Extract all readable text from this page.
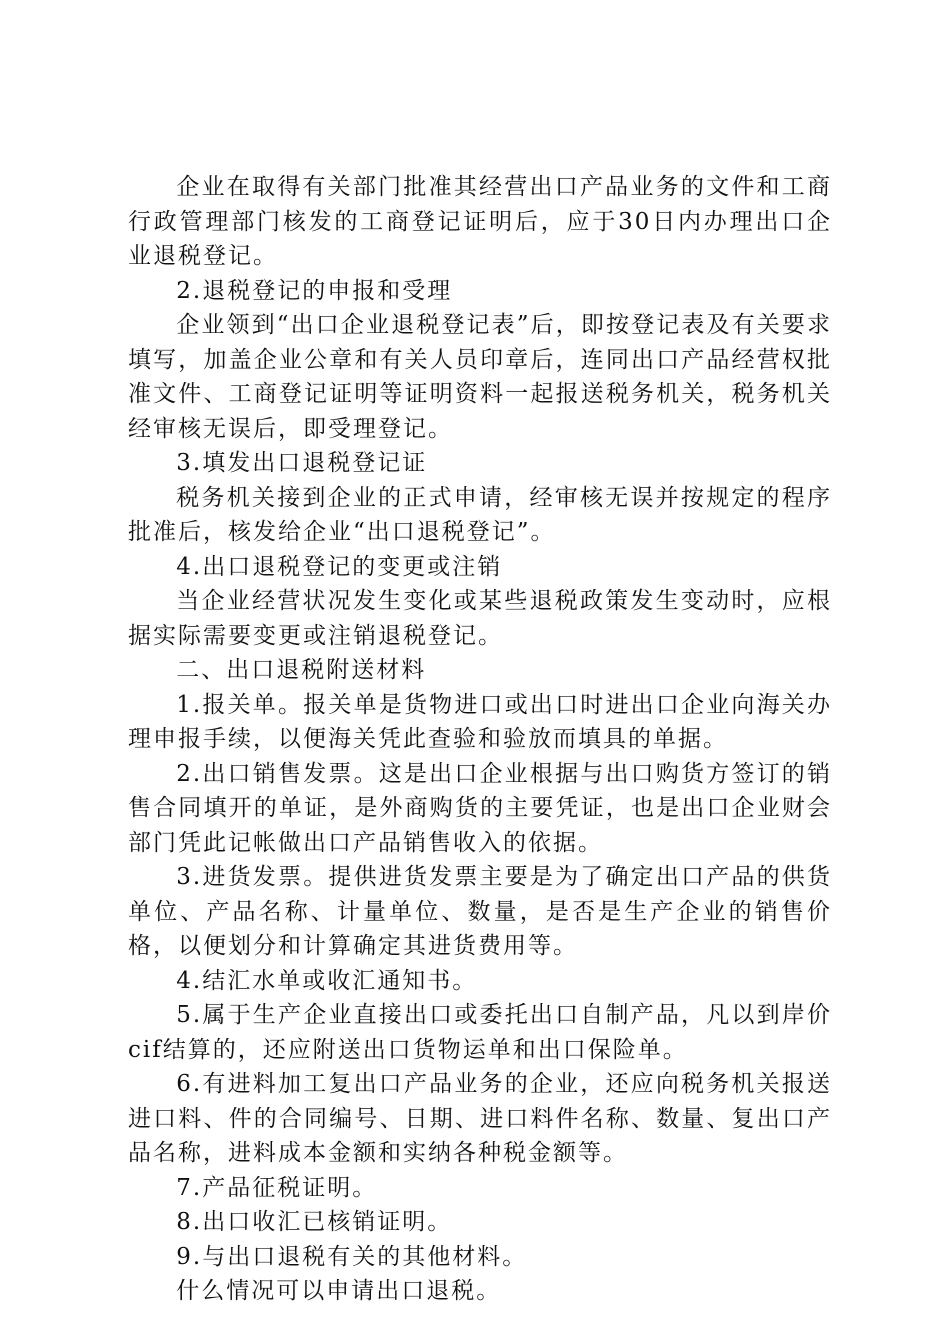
企业在取得有关部门批准其经营出口产品业务的文件和工商行政管理部门核发的工商登记证明后，应于30日内办理出口企业退税登记。

2.退税登记的申报和受理

企业领到“出口企业退税登记表”后，即按登记表及有关要求填写，加盖企业公章和有关人员印章后，连同出口产品经营权批准文件、工商登记证明等证明资料一起报送税务机关，税务机关经审核无误后，即受理登记。

3.填发出口退税登记证

税务机关接到企业的正式申请，经审核无误并按规定的程序批准后，核发给企业“出口退税登记”。

4.出口退税登记的变更或注销

当企业经营状况发生变化或某些退税政策发生变动时，应根据实际需要变更或注销退税登记。

二、出口退税附送材料

1.报关单。报关单是货物进口或出口时进出口企业向海关办理申报手续，以便海关凭此查验和验放而填具的单据。

2.出口销售发票。这是出口企业根据与出口购货方签订的销售合同填开的单证，是外商购货的主要凭证，也是出口企业财会部门凭此记帐做出口产品销售收入的依据。

3.进货发票。提供进货发票主要是为了确定出口产品的供货单位、产品名称、计量单位、数量，是否是生产企业的销售价格，以便划分和计算确定其进货费用等。

4.结汇水单或收汇通知书。

5.属于生产企业直接出口或委托出口自制产品，凡以到岸价cif结算的，还应附送出口货物运单和出口保险单。

6.有进料加工复出口产品业务的企业，还应向税务机关报送进口料、件的合同编号、日期、进口料件名称、数量、复出口产品名称，进料成本金额和实纳各种税金额等。

7.产品征税证明。

8.出口收汇已核销证明。

9.与出口退税有关的其他材料。

什么情况可以申请出口退税。
